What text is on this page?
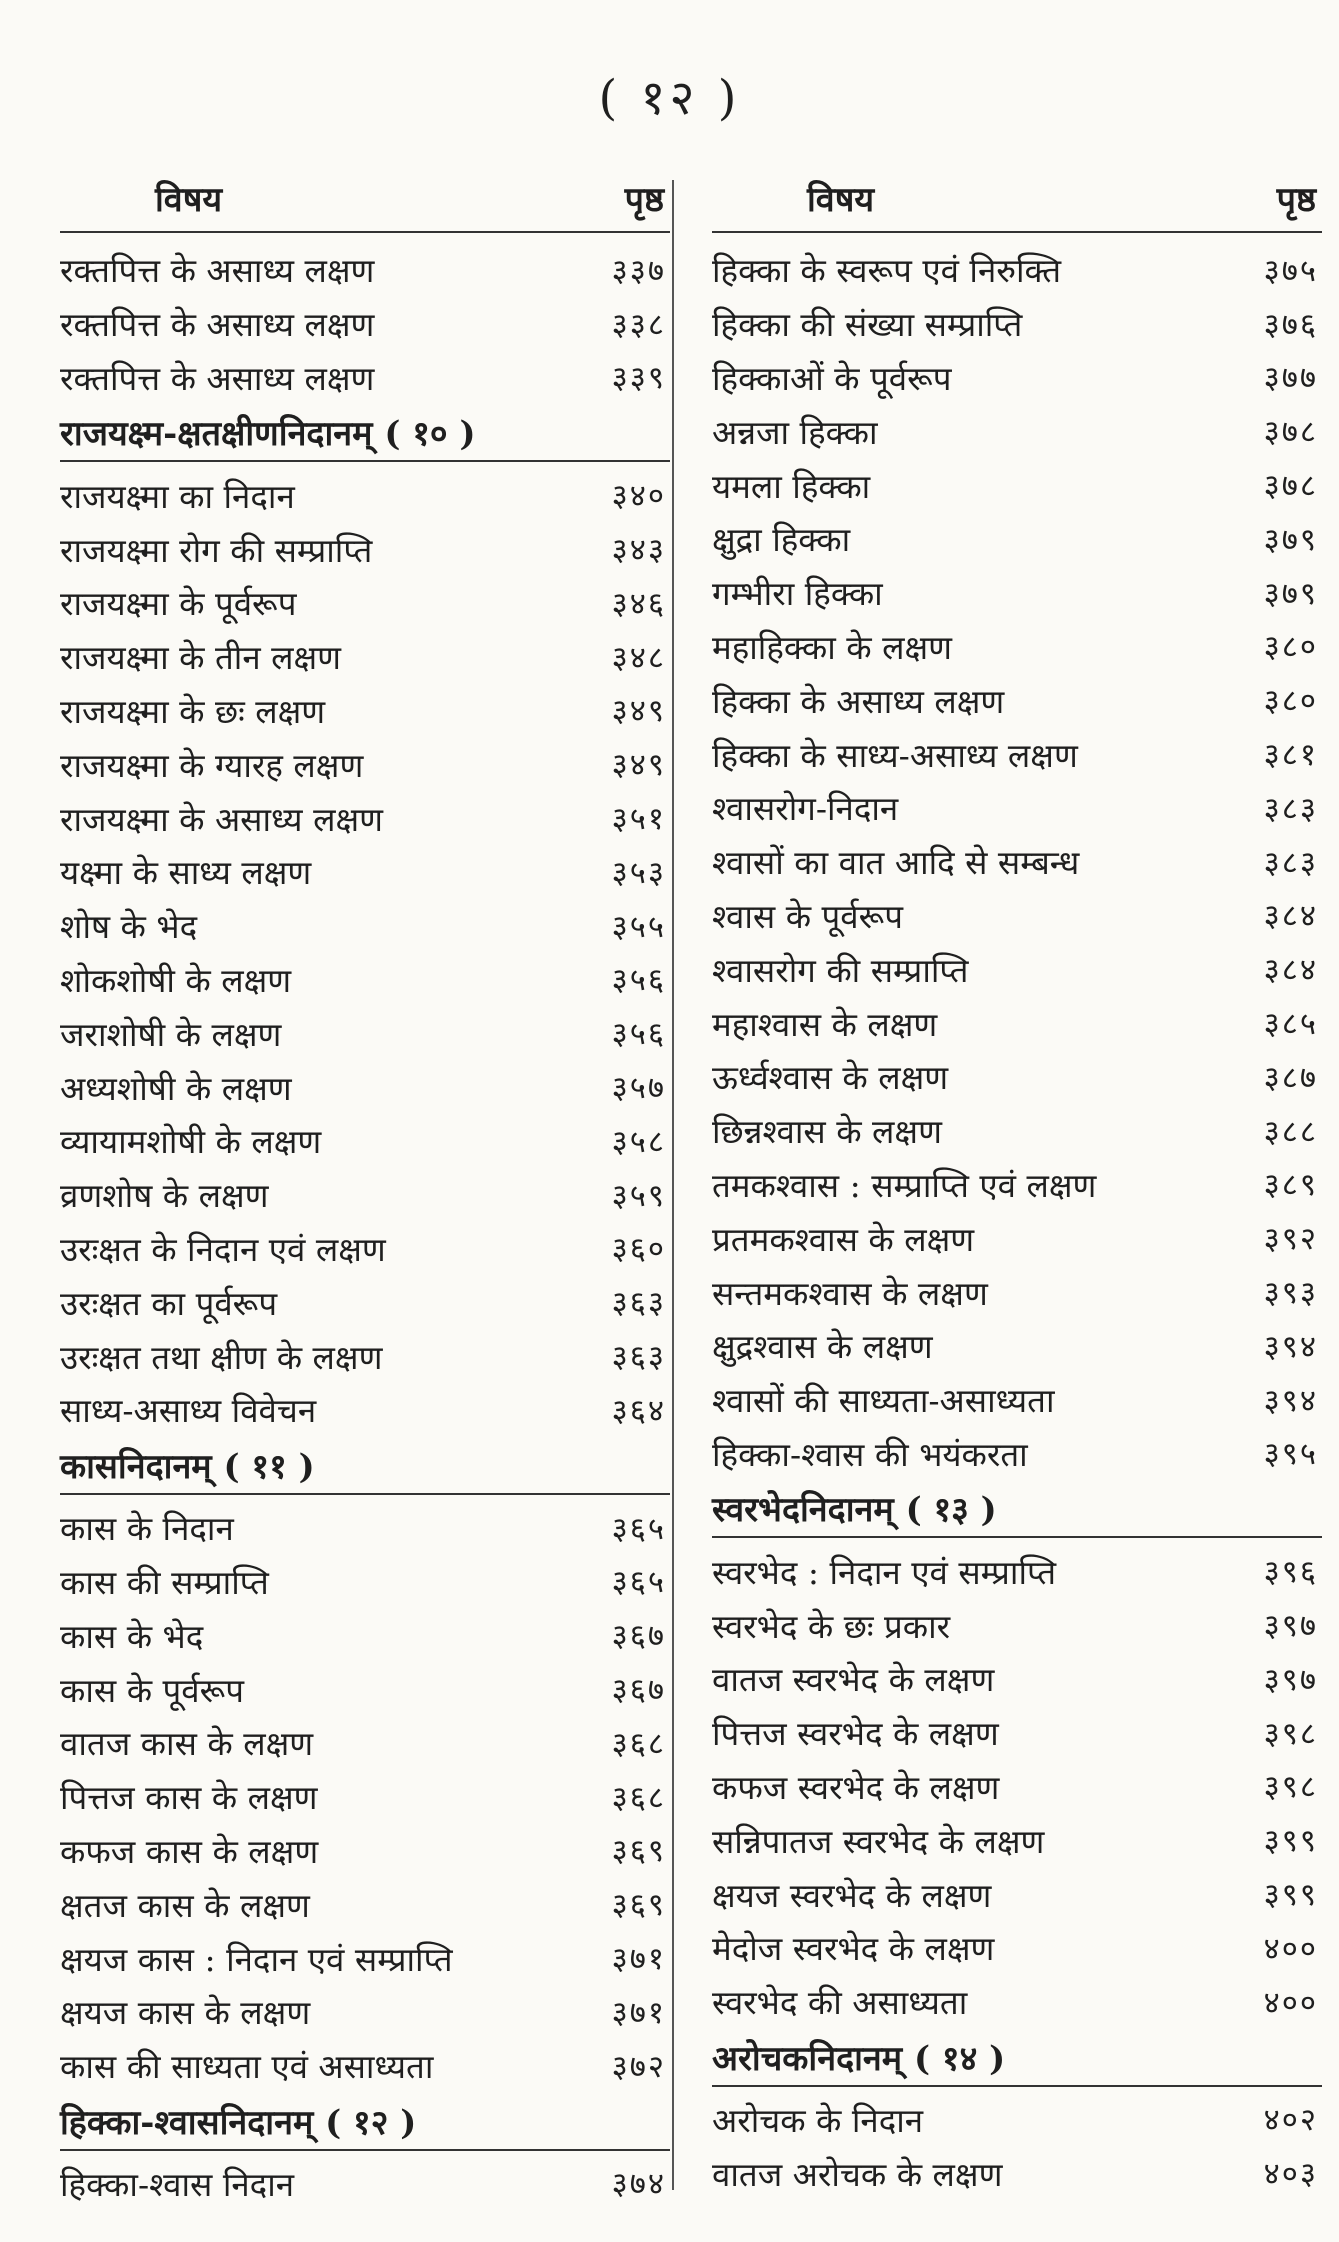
( १२ )
विषय	पृष्ठ
रक्तपित्त के असाध्य लक्षण	३३७
रक्तपित्त के असाध्य लक्षण	३३८
रक्तपित्त के असाध्य लक्षण	३३९
राजयक्ष्म-क्षतक्षीणनिदानम् ( १० )
राजयक्ष्मा का निदान	३४०
राजयक्ष्मा रोग की सम्प्राप्ति	३४३
राजयक्ष्मा के पूर्वरूप	३४६
राजयक्ष्मा के तीन लक्षण	३४८
राजयक्ष्मा के छः लक्षण	३४९
राजयक्ष्मा के ग्यारह लक्षण	३४९
राजयक्ष्मा के असाध्य लक्षण	३५१
यक्ष्मा के साध्य लक्षण	३५३
शोष के भेद	३५५
शोकशोषी के लक्षण	३५६
जराशोषी के लक्षण	३५६
अध्यशोषी के लक्षण	३५७
व्यायामशोषी के लक्षण	३५८
व्रणशोष के लक्षण	३५९
उरःक्षत के निदान एवं लक्षण	३६०
उरःक्षत का पूर्वरूप	३६३
उरःक्षत तथा क्षीण के लक्षण	३६३
साध्य-असाध्य विवेचन	३६४
कासनिदानम् ( ११ )
कास के निदान	३६५
कास की सम्प्राप्ति	३६५
कास के भेद	३६७
कास के पूर्वरूप	३६७
वातज कास के लक्षण	३६८
पित्तज कास के लक्षण	३६८
कफज कास के लक्षण	३६९
क्षतज कास के लक्षण	३६९
क्षयज कास : निदान एवं सम्प्राप्ति	३७१
क्षयज कास के लक्षण	३७१
कास की साध्यता एवं असाध्यता	३७२
हिक्का-श्वासनिदानम् ( १२ )
हिक्का-श्वास निदान	३७४
विषय	पृष्ठ
हिक्का के स्वरूप एवं निरुक्ति	३७५
हिक्का की संख्या सम्प्राप्ति	३७६
हिक्काओं के पूर्वरूप	३७७
अन्नजा हिक्का	३७८
यमला हिक्का	३७८
क्षुद्रा हिक्का	३७९
गम्भीरा हिक्का	३७९
महाहिक्का के लक्षण	३८०
हिक्का के असाध्य लक्षण	३८०
हिक्का के साध्य-असाध्य लक्षण	३८१
श्वासरोग-निदान	३८३
श्वासों का वात आदि से सम्बन्ध	३८३
श्वास के पूर्वरूप	३८४
श्वासरोग की सम्प्राप्ति	३८४
महाश्वास के लक्षण	३८५
ऊर्ध्वश्वास के लक्षण	३८७
छिन्नश्वास के लक्षण	३८८
तमकश्वास : सम्प्राप्ति एवं लक्षण	३८९
प्रतमकश्वास के लक्षण	३९२
सन्तमकश्वास के लक्षण	३९३
क्षुद्रश्वास के लक्षण	३९४
श्वासों की साध्यता-असाध्यता	३९४
हिक्का-श्वास की भयंकरता	३९५
स्वरभेदनिदानम् ( १३ )
स्वरभेद : निदान एवं सम्प्राप्ति	३९६
स्वरभेद के छः प्रकार	३९७
वातज स्वरभेद के लक्षण	३९७
पित्तज स्वरभेद के लक्षण	३९८
कफज स्वरभेद के लक्षण	३९८
सन्निपातज स्वरभेद के लक्षण	३९९
क्षयज स्वरभेद के लक्षण	३९९
मेदोज स्वरभेद के लक्षण	४००
स्वरभेद की असाध्यता	४००
अरोचकनिदानम् ( १४ )
अरोचक के निदान	४०२
वातज अरोचक के लक्षण	४०३
